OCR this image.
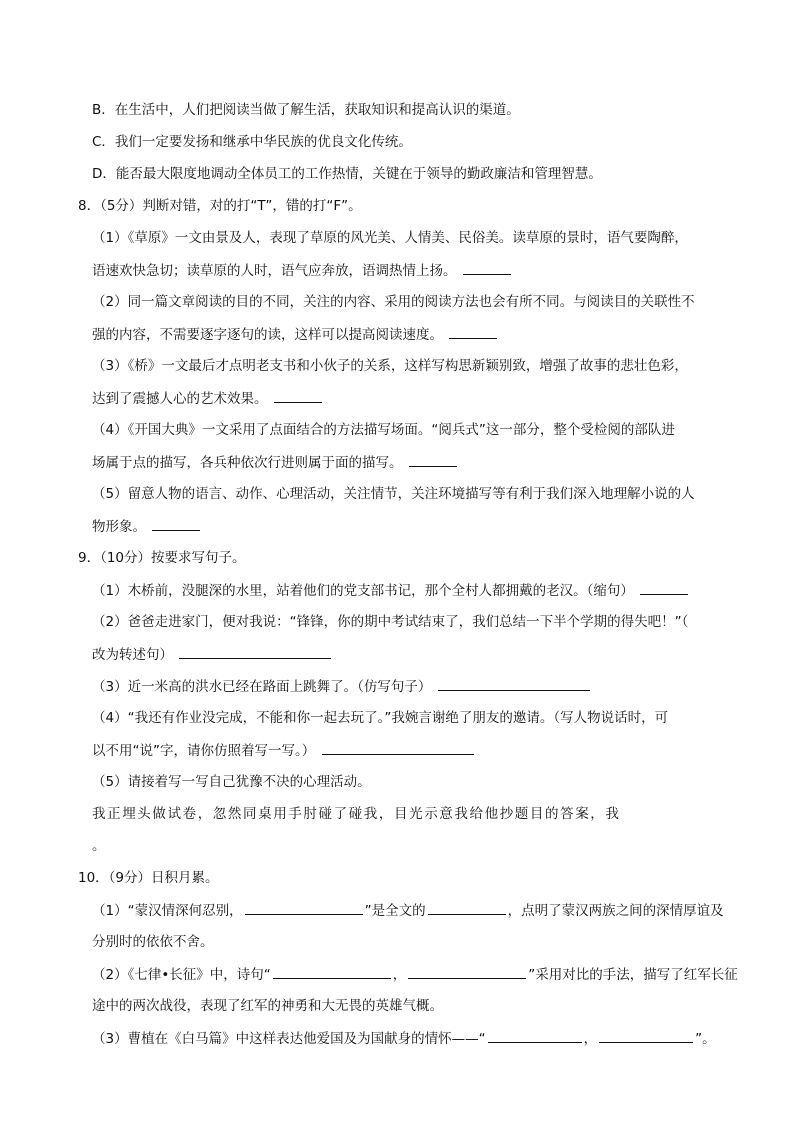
B．在生活中，人们把阅读当做了解生活，获取知识和提高认识的渠道。
C．我们一定要发扬和继承中华民族的优良文化传统。
D．能否最大限度地调动全体员工的工作热情，关键在于领导的勤政廉洁和管理智慧。
8．（5分）判断对错，对的打“T”，错的打“F”。
（1）《草原》一文由景及人，表现了草原的风光美、人情美、民俗美。读草原的景时，语气要陶醉，
语速欢快急切；读草原的人时，语气应奔放，语调热情上扬。
（2）同一篇文章阅读的目的不同，关注的内容、采用的阅读方法也会有所不同。与阅读目的关联性不
强的内容，不需要逐字逐句的读，这样可以提高阅读速度。
（3）《桥》一文最后才点明老支书和小伙子的关系，这样写构思新颖别致，增强了故事的悲壮色彩，
达到了震撼人心的艺术效果。
（4）《开国大典》一文采用了点面结合的方法描写场面。“阅兵式”这一部分，整个受检阅的部队进
场属于点的描写，各兵种依次行进则属于面的描写。
（5）留意人物的语言、动作、心理活动，关注情节，关注环境描写等有利于我们深入地理解小说的人
物形象。
9．（10分）按要求写句子。
（1）木桥前，没腿深的水里，站着他们的党支部书记，那个全村人都拥戴的老汉。（缩句）
（2）爸爸走进家门，便对我说：“锋锋，你的期中考试结束了，我们总结一下半个学期的得失吧！”（
改为转述句）
（3）近一米高的洪水已经在路面上跳舞了。（仿写句子）
（4）“我还有作业没完成，不能和你一起去玩了。”我婉言谢绝了朋友的邀请。（写人物说话时，可
以不用“说”字，请你仿照着写一写。）
（5）请接着写一写自己犹豫不决的心理活动。
我正埋头做试卷，忽然同桌用手肘碰了碰我，目光示意我给他抄题目的答案，我
。
10．（9分）日积月累。
（1）“蒙汉情深何忍别，	”是全文的	，点明了蒙汉两族之间的深情厚谊及
分别时的依依不舍。
（2）《七律•长征》中，诗句“	，	”采用对比的手法，描写了红军长征
途中的两次战役，表现了红军的神勇和大无畏的英雄气概。
（3）曹植在《白马篇》中这样表达他爱国及为国献身的情怀——“	，	”。
